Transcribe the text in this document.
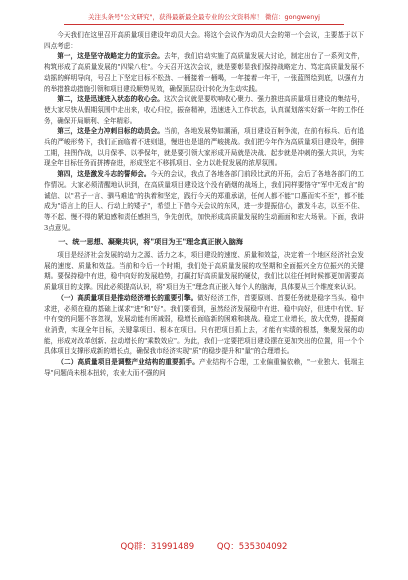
关注头条号"公文研究"，获得最新最全最专业的公文资料库！ 微信：gongwenyj

今天我们在这里召开高质量项目建设年动员大会。将这个会议作为动员大会的第一个会议，主要基于以下四点考虑：

第一，这是坚守战略定力的宣示会。去年，我们启动实施了高质量发展大讨论，制定出台了一系列文件，构筑形成了高质量发展的"四梁八柱"。今天召开这次会议，就是要彰显我们保持战略定力、笃定高质量发展不动摇的鲜明导向，号召上下坚定目标不松劲、一桶接着一桶喝，一年接着一年干，一张蓝图绘到底，以强有力的举措推动措施引领和项目建设顺势见效，确保顶层设计转化为生动实践。

第二，这是迅速进入状态的收心会。这次会议就是要吹响收心聚力、强力推进高质量项目建设的集结号，使大家尽快从假期氛围中走出来，收心归位，振奋精神，迅速进入工作状态，认真谋划落实好新一年的工作任务，确保开局顺利、全年精彩。

第三，这是全力冲刺目标的动员会。当前，各地发展势如潮涌，项目建设百舸争流，在前有标兵、后有追兵的严峻形势下，我们正面临着不进则退，慢进也是退的严峻挑战。我们把今年作为高质量项目建设年，倒排工期，挂图作战，以月保季、以季保年，就是要引领大家形成开局就是决战、起步就是冲刺的强大共识，为实现全年目标任务而拼搏奋进，形成坚定不移抓项目、全力以赴促发展的浓厚氛围。

第四，这是激发斗志的誓师会。今天的会议，我点了各地各部门前段比武的开拓，会后了各地各部门的工作情况。大家必须清醒地认识到，在高质量项目建设这个没有硝烟的战场上，我们同样要恪守"军中无戏言"的诚信、以"君子一言、驷马难追"的执着和坚定，践行今天的郑重承诺，任何人都不能"口惠而实不至"，都不能成为"语言上的巨人、行动上的矮子"，希望上下借今天会议的东风，进一步提振信心，激发斗志，以至不住、等不起、慢不得的紧迫感和责任感担当，争先创优，加快形成高质量发展的生动画面和宏大场景。下面，我讲3点意见。

一、统一思想、凝聚共识，将"项目为王"理念真正嵌入脑海

项目是经济社会发展的动力之源、活力之本，项目建设的速度、质量和效益，决定着一个地区经济社会发展的速度、质量和效益。当前和今后一个时期，我们处于高质量发展的攻坚期和全面振兴全方位振兴的关键期。要保持稳中有进，稳中向好的发展趋势，打赢打好高质量发展的硬仗，我们比以往任何时候都更加需要高质量项目的支撑。因此必须提高认识，将"项目为王"理念真正嵌入每个人的脑海，具体要从三个维度来认识。

（一）高质量项目是推动经济增长的重要引擎。做好经济工作，首要原则、首要任务就是稳字当头、稳中求进，必须在稳的基础上谋求"进"和"好"。我们要看到，虽然经济发展稳中有进、稳中向好，但进中有忧、好中有变的问题不容忽视，发展动能有所减弱，稳增长面临新的困难和挑战。稳定工业增长，放大优势，提振商业消费，实现全年目标，关键靠项目、根本在项目。只有把项目抓上去，才能有实绩的根基，集聚发展的动能，形成对改革创新、拉动增长的"乘数效应"。为此，我们一定要把项目建设摆在更加突出的位置，用一个个具体项目支撑形成新的增长点，确保我市经济实现"质"的稳步提升和"量"的合理增长。

（二）高质量项目是调整产业结构的重要抓手。产业结构不合理，工业偏重偏依赖，"一业独大、低端主导"问题尚未根本扭转，农业大而不强的问

QQ群：31991489	QQ：535304092
